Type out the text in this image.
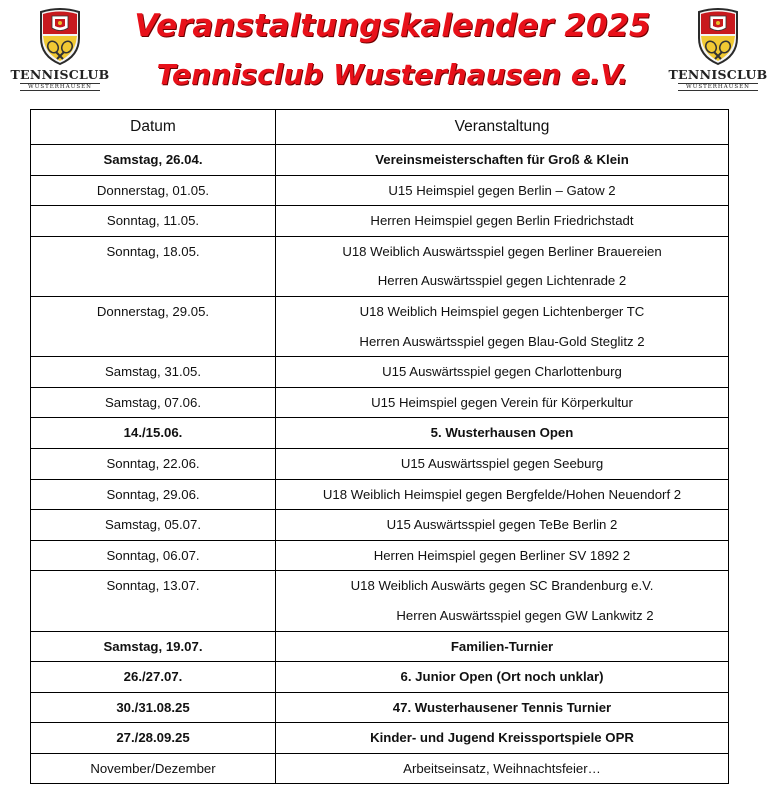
TENNISCLUB
WUSTERHAUSEN
TENNISCLUB
WUSTERHAUSEN
Veranstaltungskalender 2025
Tennisclub Wusterhausen e.V.
Datum	Veranstaltung

Samstag, 26.04.	Vereinsmeisterschaften für Groß & Klein

Donnerstag, 01.05.	U15 Heimspiel gegen Berlin – Gatow 2

Sonntag, 11.05.	Herren Heimspiel gegen Berlin Friedrichstadt

Sonntag, 18.05.	U18 Weiblich Auswärtsspiel gegen Berliner Brauereien
Herren Auswärtsspiel gegen Lichtenrade 2

Donnerstag, 29.05.	U18 Weiblich Heimspiel gegen Lichtenberger TC
Herren Auswärtsspiel gegen Blau-Gold Steglitz 2

Samstag, 31.05.	U15 Auswärtsspiel gegen Charlottenburg

Samstag, 07.06.	U15 Heimspiel gegen Verein für Körperkultur

14./15.06.	5. Wusterhausen Open

Sonntag, 22.06.	U15 Auswärtsspiel gegen Seeburg

Sonntag, 29.06.	U18 Weiblich Heimspiel gegen Bergfelde/Hohen Neuendorf 2

Samstag, 05.07.	U15 Auswärtsspiel gegen TeBe Berlin 2

Sonntag, 06.07.	Herren Heimspiel gegen Berliner SV 1892 2

Sonntag, 13.07.	U18 Weiblich Auswärts gegen SC Brandenburg e.V.
Herren Auswärtsspiel gegen GW Lankwitz 2

Samstag, 19.07.	Familien-Turnier

26./27.07.	6. Junior Open (Ort noch unklar)

30./31.08.25	47. Wusterhausener Tennis Turnier

27./28.09.25	Kinder- und Jugend Kreissportspiele OPR

November/Dezember	Arbeitseinsatz, Weihnachtsfeier…
